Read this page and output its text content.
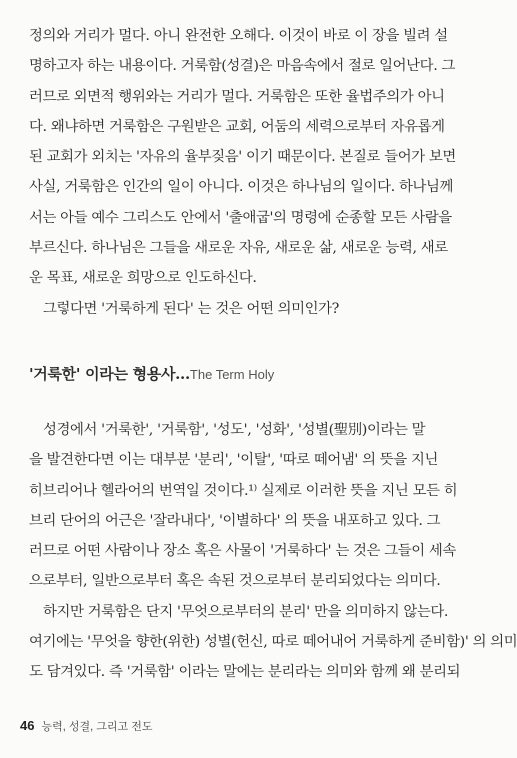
정의와 거리가 멀다. 아니 완전한 오해다. 이것이 바로 이 장을 빌려 설
명하고자 하는 내용이다. 거룩함(성결)은 마음속에서 절로 일어난다. 그
러므로 외면적 행위와는 거리가 멀다. 거룩함은 또한 율법주의가 아니
다. 왜냐하면 거룩함은 구원받은 교회, 어둠의 세력으로부터 자유롭게
된 교회가 외치는 '자유의 율부짖음' 이기 때문이다. 본질로 들어가 보면
사실, 거룩함은 인간의 일이 아니다. 이것은 하나님의 일이다. 하나님께
서는 아들 예수 그리스도 안에서 '출애굽'의 명령에 순종할 모든 사람을
부르신다. 하나님은 그들을 새로운 자유, 새로운 삶, 새로운 능력, 새로
운 목표, 새로운 희망으로 인도하신다.
그렇다면 '거룩하게 된다' 는 것은 어떤 의미인가?
'거룩한' 이라는 형용사...The Term Holy
성경에서 '거룩한', '거룩함', '성도', '성화', '성별(聖別)이라는 말
을 발견한다면 이는 대부분 '분리', '이탈', '따로 떼어냄' 의 뜻을 지닌
히브리어나 헬라어의 번역일 것이다.¹⁾ 실제로 이러한 뜻을 지닌 모든 히
브리 단어의 어근은 '잘라내다', '이별하다' 의 뜻을 내포하고 있다. 그
러므로 어떤 사람이나 장소 혹은 사물이 '거룩하다' 는 것은 그들이 세속
으로부터, 일반으로부터 혹은 속된 것으로부터 분리되었다는 의미다.
하지만 거룩함은 단지 '무엇으로부터의 분리' 만을 의미하지 않는다.
여기에는 '무엇을 향한(위한) 성별(헌신, 따로 떼어내어 거룩하게 준비함)' 의 의미
도 담겨있다. 즉 '거룩함' 이라는 말에는 분리라는 의미와 함께 왜 분리되
46 능력, 성결, 그리고 전도
